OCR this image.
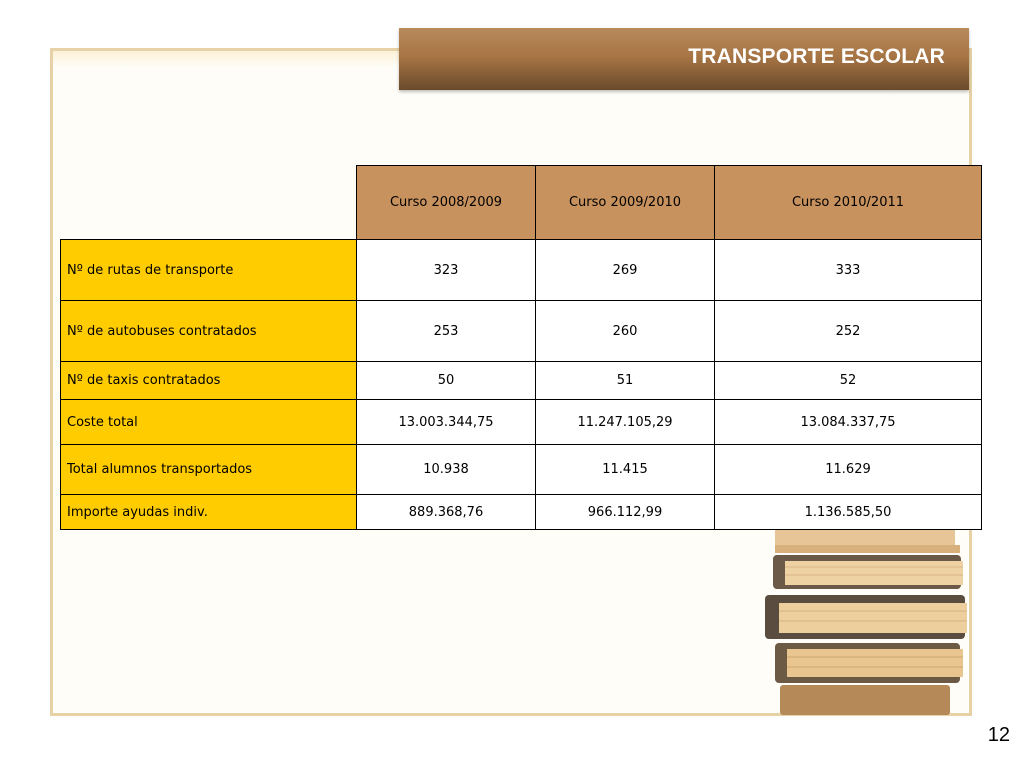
TRANSPORTE ESCOLAR
	Curso 2008/2009	Curso 2009/2010	Curso 2010/2011
Nº de rutas de transporte	323	269	333
Nº de autobuses contratados	253	260	252
Nº de taxis contratados	50	51	52
Coste total	13.003.344,75	11.247.105,29	13.084.337,75
Total alumnos transportados	10.938	11.415	11.629
Importe ayudas indiv.	889.368,76	966.112,99	1.136.585,50
12
